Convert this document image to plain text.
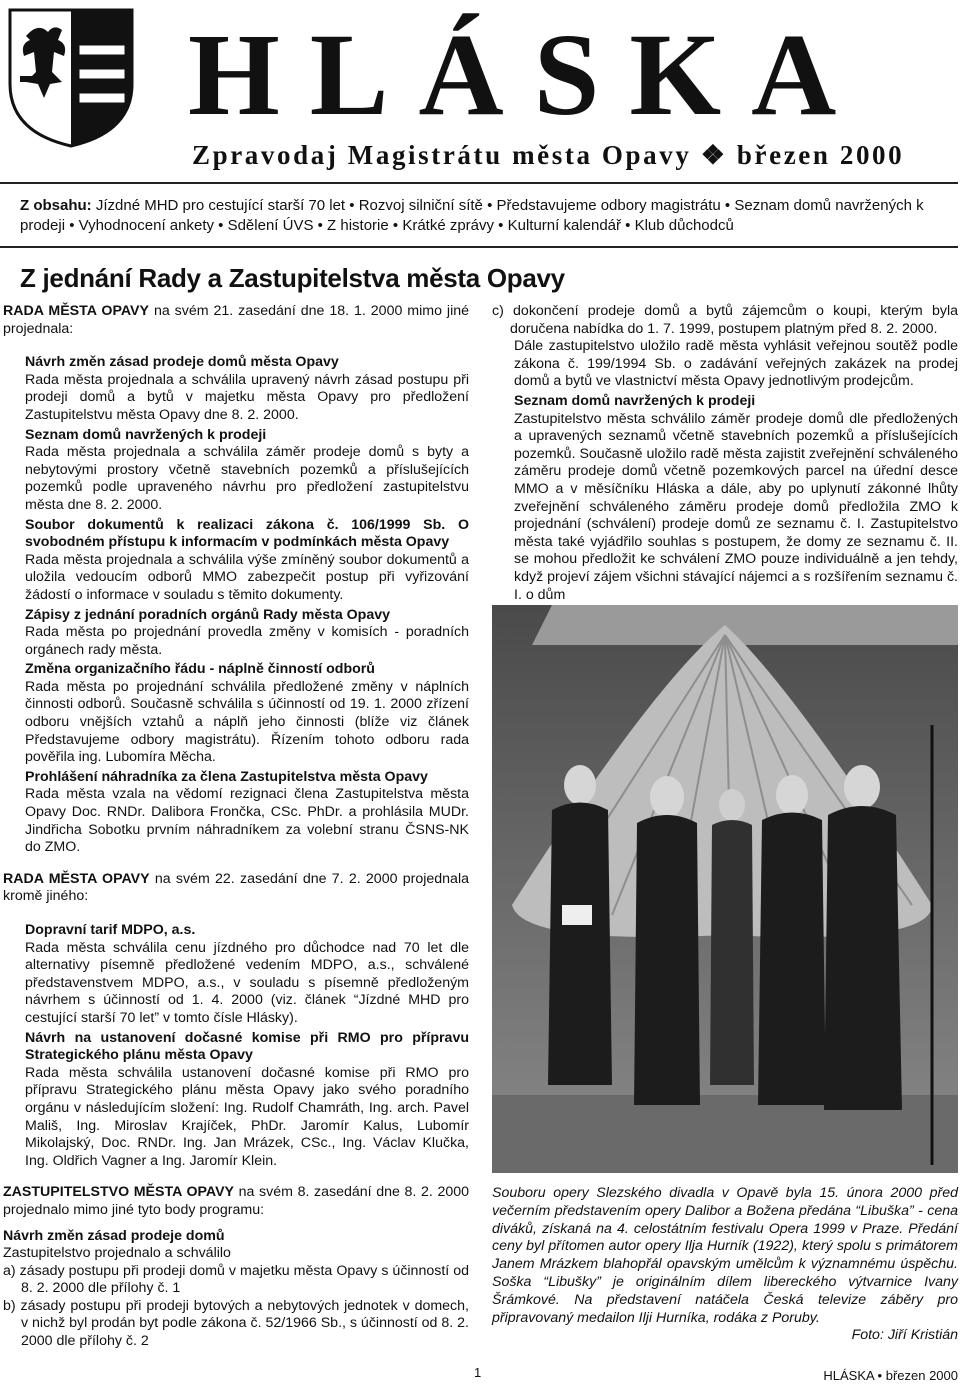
HLÁSKA
Zpravodaj Magistrátu města Opavy ❖ březen 2000
Z obsahu: Jízdné MHD pro cestující starší 70 let • Rozvoj silniční sítě • Představujeme odbory magistrátu • Seznam domů navržených k prodeji • Vyhodnocení ankety • Sdělení ÚVS • Z historie • Krátké zprávy • Kulturní kalendář • Klub důchodců
Z jednání Rady a Zastupitelstva města Opavy

RADA MĚSTA OPAVY na svém 21. zasedání dne 18. 1. 2000 mimo jiné projednala:

Návrh změn zásad prodeje domů města Opavy

Rada města projednala a schválila upravený návrh zásad postupu při prodeji domů a bytů v majetku města Opavy pro předložení Zastupitelstvu města Opavy dne 8. 2. 2000.

Seznam domů navržených k prodeji

Rada města projednala a schválila záměr prodeje domů s byty a nebytovými prostory včetně stavebních pozemků a příslušejících pozemků podle upraveného návrhu pro předložení zastupitelstvu města dne 8. 2. 2000.

Soubor dokumentů k realizaci zákona č. 106/1999 Sb. O svobodném přístupu k informacím v podmínkách města Opavy

Rada města projednala a schválila výše zmíněný soubor dokumentů a uložila vedoucím odborů MMO zabezpečit postup při vyřizování žádostí o informace v souladu s těmito dokumenty.

Zápisy z jednání poradních orgánů Rady města Opavy

Rada města po projednání provedla změny v komisích - poradních orgánech rady města.

Změna organizačního řádu - náplně činností odborů

Rada města po projednání schválila předložené změny v náplních činnosti odborů. Současně schválila s účinností od 19. 1. 2000 zřízení odboru vnějších vztahů a náplň jeho činnosti (blíže viz článek Představujeme odbory magistrátu). Řízením tohoto odboru rada pověřila ing. Lubomíra Měcha.

Prohlášení náhradníka za člena Zastupitelstva města Opavy

Rada města vzala na vědomí rezignaci člena Zastupitelstva města Opavy Doc. RNDr. Dalibora Frončka, CSc. PhDr. a prohlásila MUDr. Jindřicha Sobotku prvním náhradníkem za volební stranu ČSNS-NK do ZMO.

RADA MĚSTA OPAVY na svém 22. zasedání dne 7. 2. 2000 projednala kromě jiného:

Dopravní tarif MDPO, a.s.

Rada města schválila cenu jízdného pro důchodce nad 70 let dle alternativy písemně předložené vedením MDPO, a.s., schválené představenstvem MDPO, a.s., v souladu s písemně předloženým návrhem s účinností od 1. 4. 2000 (viz. článek “Jízdné MHD pro cestující starší 70 let” v tomto čísle Hlásky).

Návrh na ustanovení dočasné komise při RMO pro přípravu Strategického plánu města Opavy

Rada města schválila ustanovení dočasné komise při RMO pro přípravu Strategického plánu města Opavy jako svého poradního orgánu v následujícím složení: Ing. Rudolf Chamráth, Ing. arch. Pavel Mališ, Ing. Miroslav Krajíček, PhDr. Jaromír Kalus, Lubomír Mikolajský, Doc. RNDr. Ing. Jan Mrázek, CSc., Ing. Václav Klučka, Ing. Oldřich Vagner a Ing. Jaromír Klein.

ZASTUPITELSTVO MĚSTA OPAVY na svém 8. zasedání dne 8. 2. 2000 projednalo mimo jiné tyto body programu:

Návrh změn zásad prodeje domů

Zastupitelstvo projednalo a schválilo

a) zásady postupu při prodeji domů v majetku města Opavy s účinností od 8. 2. 2000 dle přílohy č. 1

b) zásady postupu při prodeji bytových a nebytových jednotek v domech, v nichž byl prodán byt podle zákona č. 52/1966 Sb., s účinností od 8. 2. 2000 dle přílohy č. 2

c) dokončení prodeje domů a bytů zájemcům o koupi, kterým byla doručena nabídka do 1. 7. 1999, postupem platným před 8. 2. 2000.

Dále zastupitelstvo uložilo radě města vyhlásit veřejnou soutěž podle zákona č. 199/1994 Sb. o zadávání veřejných zakázek na prodej domů a bytů ve vlastnictví města Opavy jednotlivým prodejcům.

Seznam domů navržených k prodeji

Zastupitelstvo města schválilo záměr prodeje domů dle předložených a upravených seznamů včetně stavebních pozemků a příslušejících pozemků. Současně uložilo radě města zajistit zveřejnění schváleného záměru prodeje domů včetně pozemkových parcel na úřední desce MMO a v měsíčníku Hláska a dále, aby po uplynutí zákonné lhůty zveřejnění schváleného záměru prodeje domů předložila ZMO k projednání (schválení) prodeje domů ze seznamu č. I. Zastupitelstvo města také vyjádřilo souhlas s postupem, že domy ze seznamu č. II. se mohou předložit ke schválení ZMO pouze individuálně a jen tehdy, když projeví zájem všichni stávající nájemci a s rozšířením seznamu č. I. o dům

Souboru opery Slezského divadla v Opavě byla 15. února 2000 před večerním představením opery Dalibor a Božena předána “Libuška” - cena diváků, získaná na 4. celostátním festivalu Opera 1999 v Praze. Předání ceny byl přítomen autor opery Ilja Hurník (1922), který spolu s primátorem Janem Mrázkem blahopřál opavským umělcům k významnému úspěchu. Soška “Libušky” je originálním dílem libereckého výtvarnice Ivany Šrámkové. Na představení natáčela Česká televize záběry pro připravovaný medailon Ilji Hurníka, rodáka z Poruby.
Foto: Jiří Kristián
1	HLÁSKA • březen 2000
